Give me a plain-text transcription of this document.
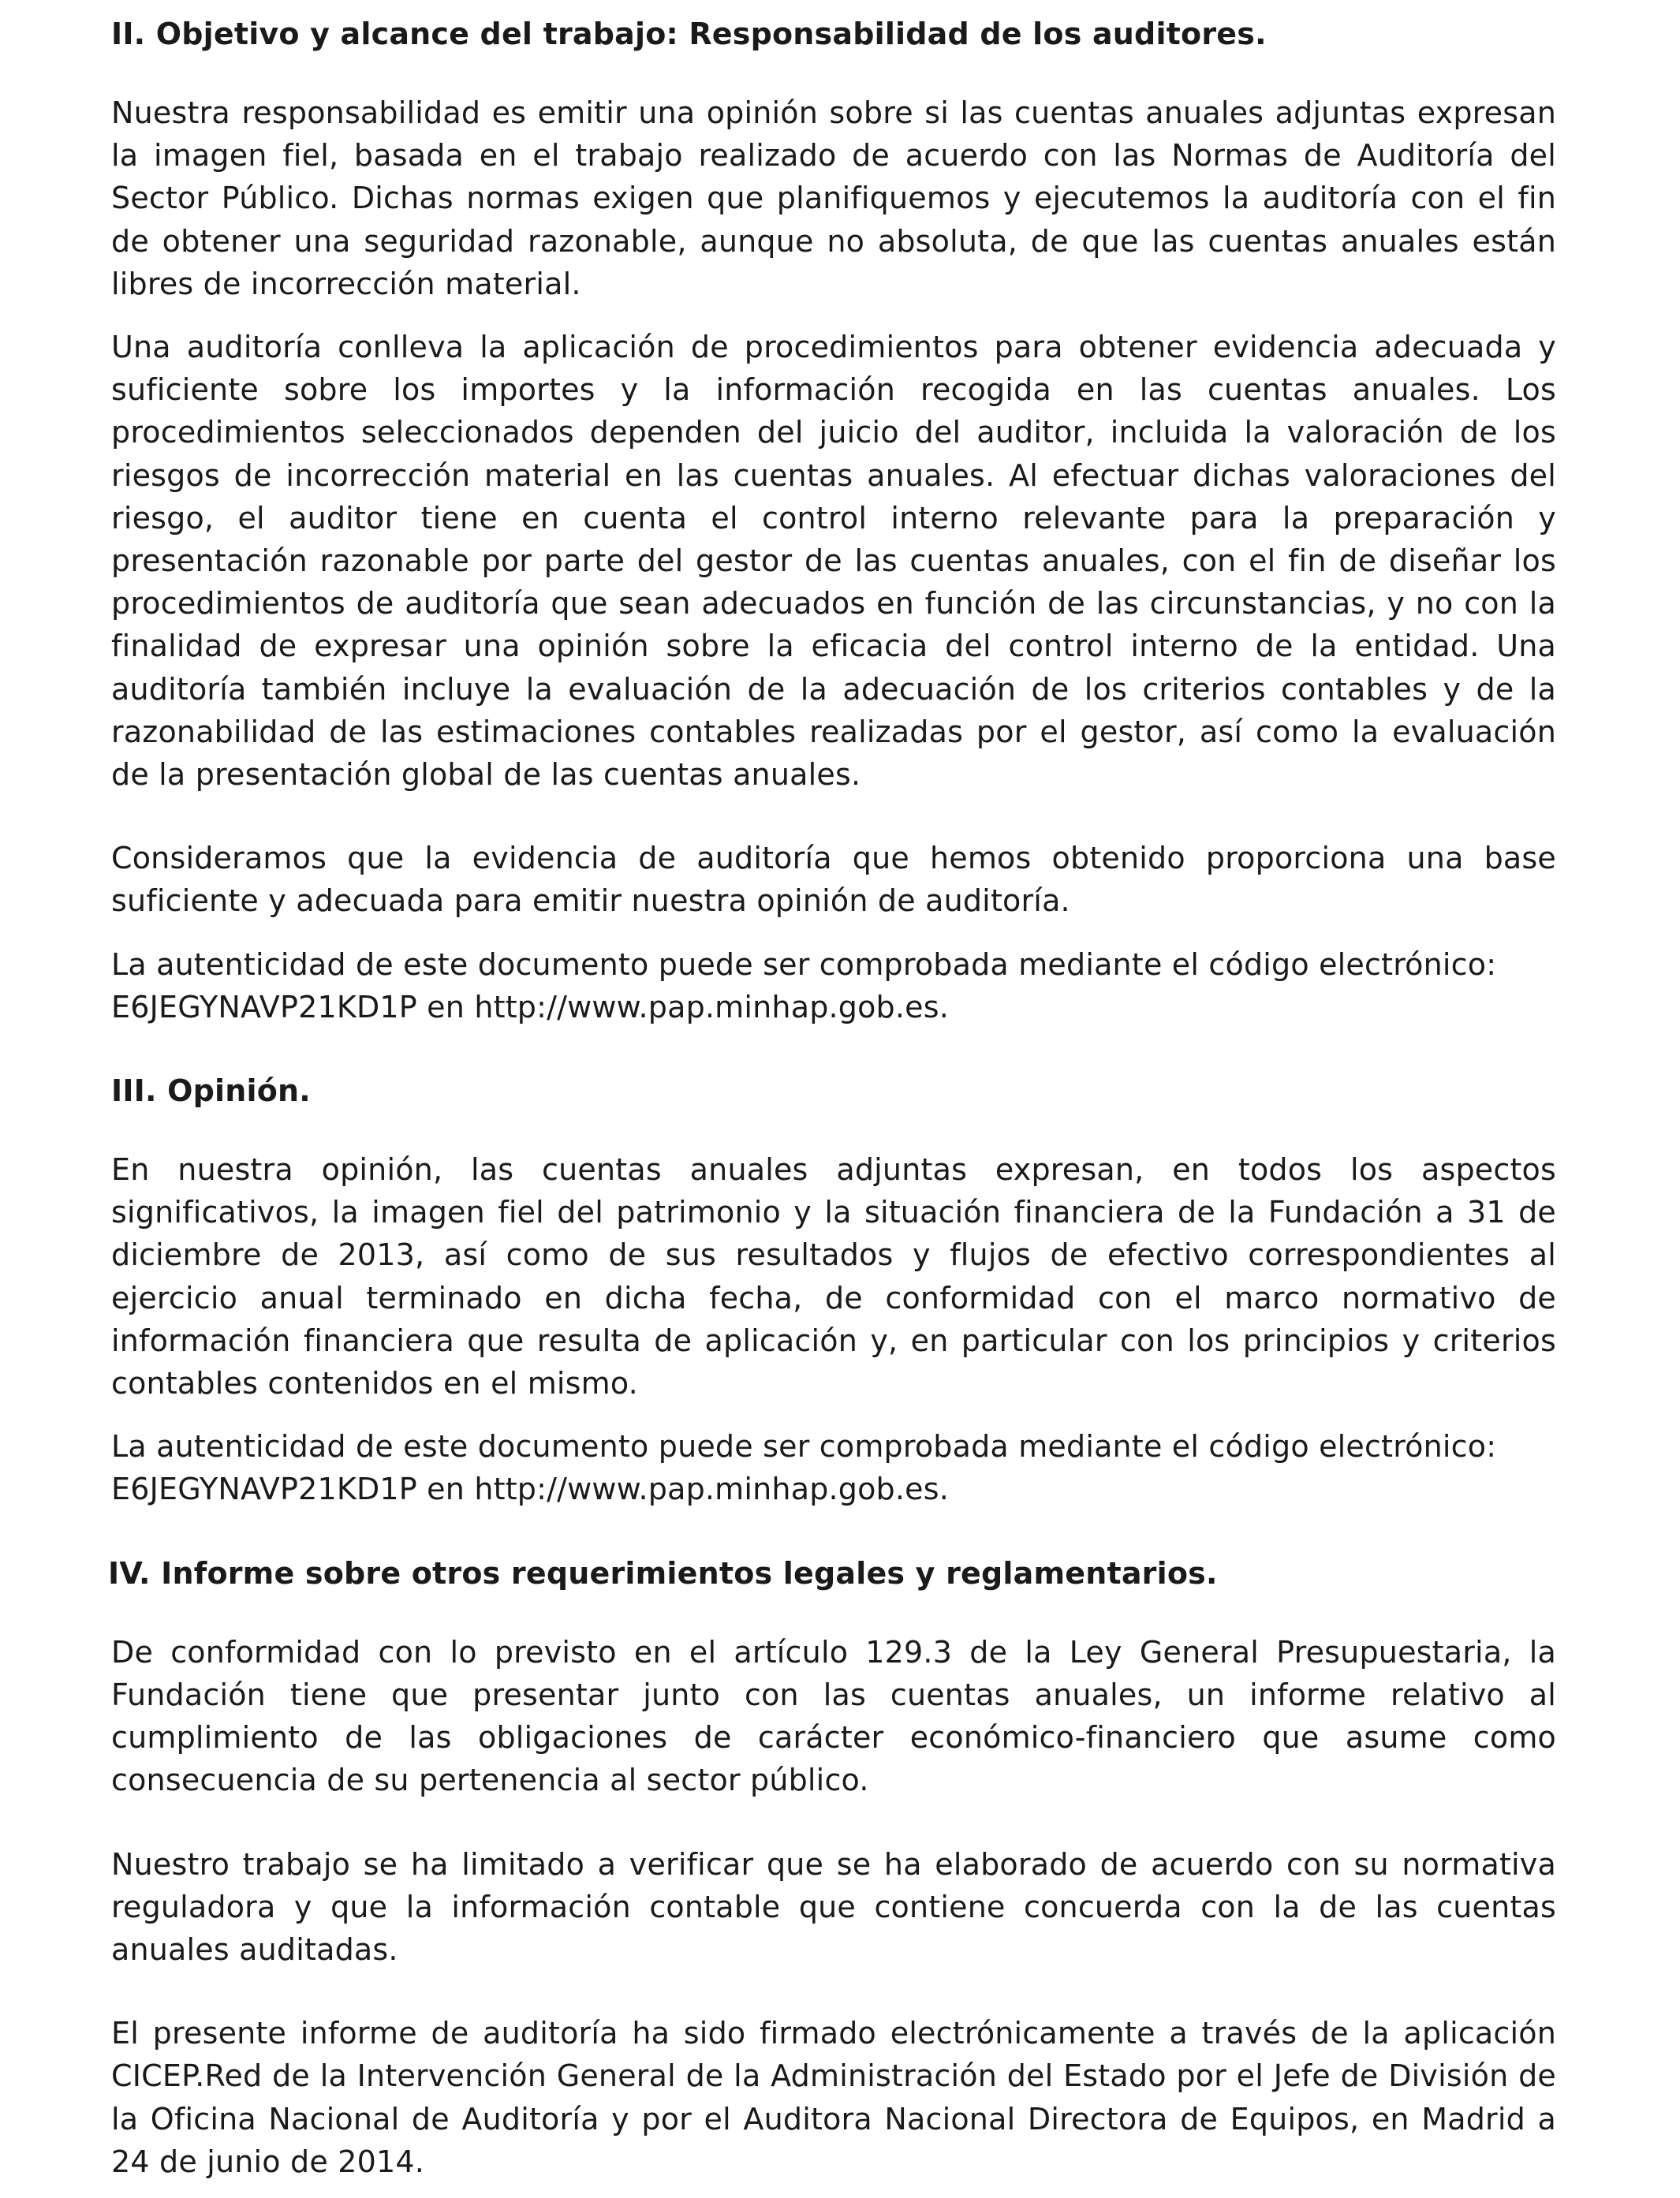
II. Objetivo y alcance del trabajo: Responsabilidad de los auditores.

Nuestra responsabilidad es emitir una opinión sobre si las cuentas anuales adjuntas expresan la imagen fiel, basada en el trabajo realizado de acuerdo con las Normas de Auditoría del Sector Público. Dichas normas exigen que planifiquemos y ejecutemos la auditoría con el fin de obtener una seguridad razonable, aunque no absoluta, de que las cuentas anuales están libres de incorrección material.

Una auditoría conlleva la aplicación de procedimientos para obtener evidencia adecuada y suficiente sobre los importes y la información recogida en las cuentas anuales. Los procedimientos seleccionados dependen del juicio del auditor, incluida la valoración de los riesgos de incorrección material en las cuentas anuales. Al efectuar dichas valoraciones del riesgo, el auditor tiene en cuenta el control interno relevante para la preparación y presentación razonable por parte del gestor de las cuentas anuales, con el fin de diseñar los procedimientos de auditoría que sean adecuados en función de las circunstancias, y no con la finalidad de expresar una opinión sobre la eficacia del control interno de la entidad. Una auditoría también incluye la evaluación de la adecuación de los criterios contables y de la razonabilidad de las estimaciones contables realizadas por el gestor, así como la evaluación de la presentación global de las cuentas anuales.

Consideramos que la evidencia de auditoría que hemos obtenido proporciona una base suficiente y adecuada para emitir nuestra opinión de auditoría.

La autenticidad de este documento puede ser comprobada mediante el código electrónico:

E6JEGYNAVP21KD1P en http://www.pap.minhap.gob.es.

III. Opinión.

En nuestra opinión, las cuentas anuales adjuntas expresan, en todos los aspectos significativos, la imagen fiel del patrimonio y la situación financiera de la Fundación a 31 de diciembre de 2013, así como de sus resultados y flujos de efectivo correspondientes al ejercicio anual terminado en dicha fecha, de conformidad con el marco normativo de información financiera que resulta de aplicación y, en particular con los principios y criterios contables contenidos en el mismo.

La autenticidad de este documento puede ser comprobada mediante el código electrónico:

E6JEGYNAVP21KD1P en http://www.pap.minhap.gob.es.

IV. Informe sobre otros requerimientos legales y reglamentarios.

De conformidad con lo previsto en el artículo 129.3 de la Ley General Presupuestaria, la Fundación tiene que presentar junto con las cuentas anuales, un informe relativo al cumplimiento de las obligaciones de carácter económico-financiero que asume como consecuencia de su pertenencia al sector público.

Nuestro trabajo se ha limitado a verificar que se ha elaborado de acuerdo con su normativa reguladora y que la información contable que contiene concuerda con la de las cuentas anuales auditadas.

El presente informe de auditoría ha sido firmado electrónicamente a través de la aplicación CICEP.Red de la Intervención General de la Administración del Estado por el Jefe de División de la Oficina Nacional de Auditoría y por el Auditora Nacional Directora de Equipos, en Madrid a 24 de junio de 2014.
